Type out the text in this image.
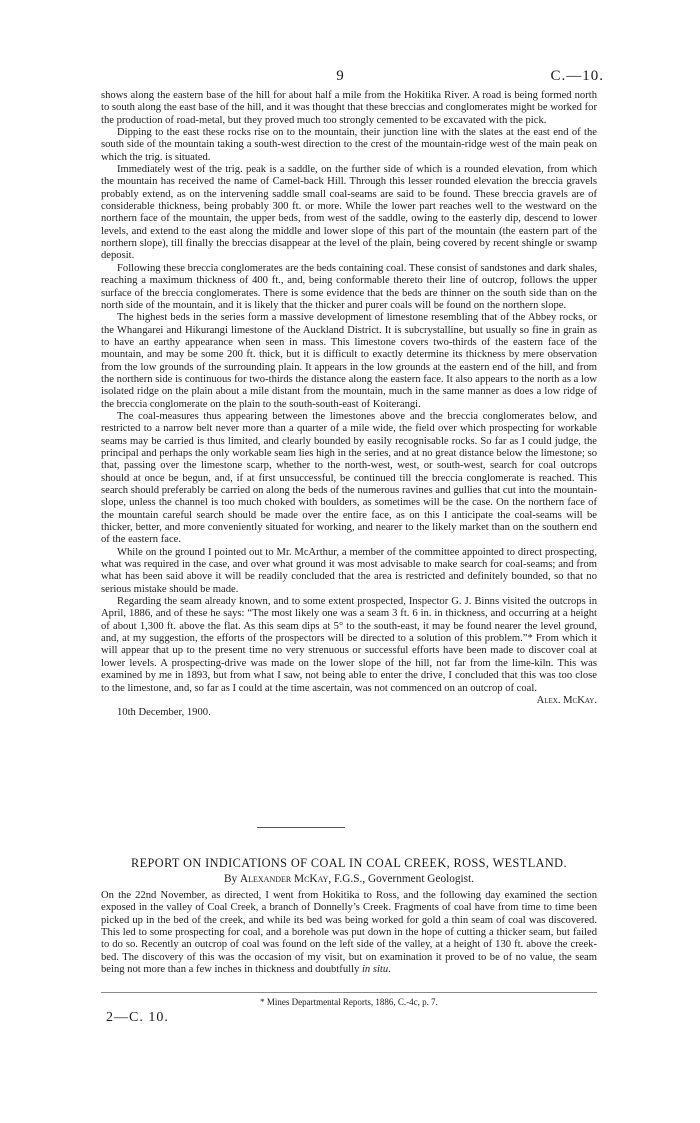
9	C.—10.

shows along the eastern base of the hill for about half a mile from the Hokitika River. A road is being formed north to south along the east base of the hill, and it was thought that these breccias and conglomerates might be worked for the production of road-metal, but they proved much too strongly cemented to be excavated with the pick.

Dipping to the east these rocks rise on to the mountain, their junction line with the slates at the east end of the south side of the mountain taking a south-west direction to the crest of the mountain-ridge west of the main peak on which the trig. is situated.

Immediately west of the trig. peak is a saddle, on the further side of which is a rounded elevation, from which the mountain has received the name of Camel-back Hill. Through this lesser rounded elevation the breccia gravels probably extend, as on the intervening saddle small coal-seams are said to be found. These breccia gravels are of considerable thickness, being probably 300 ft. or more. While the lower part reaches well to the westward on the northern face of the mountain, the upper beds, from west of the saddle, owing to the easterly dip, descend to lower levels, and extend to the east along the middle and lower slope of this part of the mountain (the eastern part of the northern slope), till finally the breccias disappear at the level of the plain, being covered by recent shingle or swamp deposit.

Following these breccia conglomerates are the beds containing coal. These consist of sandstones and dark shales, reaching a maximum thickness of 400 ft., and, being conformable thereto their line of outcrop, follows the upper surface of the breccia conglomerates. There is some evidence that the beds are thinner on the south side than on the north side of the mountain, and it is likely that the thicker and purer coals will be found on the northern slope.

The highest beds in the series form a massive development of limestone resembling that of the Abbey rocks, or the Whangarei and Hikurangi limestone of the Auckland District. It is subcrystalline, but usually so fine in grain as to have an earthy appearance when seen in mass. This limestone covers two-thirds of the eastern face of the mountain, and may be some 200 ft. thick, but it is difficult to exactly determine its thickness by mere observation from the low grounds of the surrounding plain. It appears in the low grounds at the eastern end of the hill, and from the northern side is continuous for two-thirds the distance along the eastern face. It also appears to the north as a low isolated ridge on the plain about a mile distant from the mountain, much in the same manner as does a low ridge of the breccia conglomerate on the plain to the south-south-east of Koiterangi.

The coal-measures thus appearing between the limestones above and the breccia conglomerates below, and restricted to a narrow belt never more than a quarter of a mile wide, the field over which prospecting for workable seams may be carried is thus limited, and clearly bounded by easily recognisable rocks. So far as I could judge, the principal and perhaps the only workable seam lies high in the series, and at no great distance below the limestone; so that, passing over the limestone scarp, whether to the north-west, west, or south-west, search for coal outcrops should at once be begun, and, if at first unsuccessful, be continued till the breccia conglomerate is reached. This search should preferably be carried on along the beds of the numerous ravines and gullies that cut into the mountain-slope, unless the channel is too much choked with boulders, as sometimes will be the case. On the northern face of the mountain careful search should be made over the entire face, as on this I anticipate the coal-seams will be thicker, better, and more conveniently situated for working, and nearer to the likely market than on the southern end of the eastern face.

While on the ground I pointed out to Mr. McArthur, a member of the committee appointed to direct prospecting, what was required in the case, and over what ground it was most advisable to make search for coal-seams; and from what has been said above it will be readily concluded that the area is restricted and definitely bounded, so that no serious mistake should be made.

Regarding the seam already known, and to some extent prospected, Inspector G. J. Binns visited the outcrops in April, 1886, and of these he says: “The most likely one was a seam 3 ft. 6 in. in thickness, and occurring at a height of about 1,300 ft. above the flat. As this seam dips at 5° to the south-east, it may be found nearer the level ground, and, at my suggestion, the efforts of the prospectors will be directed to a solution of this problem.”* From which it will appear that up to the present time no very strenuous or successful efforts have been made to discover coal at lower levels. A prospecting-drive was made on the lower slope of the hill, not far from the lime-kiln. This was examined by me in 1893, but from what I saw, not being able to enter the drive, I concluded that this was too close to the limestone, and, so far as I could at the time ascertain, was not commenced on an outcrop of coal.

Alex. McKay.

10th December, 1900.

REPORT ON INDICATIONS OF COAL IN COAL CREEK, ROSS, WESTLAND.
By Alexander McKay, F.G.S., Government Geologist.

On the 22nd November, as directed, I went from Hokitika to Ross, and the following day examined the section exposed in the valley of Coal Creek, a branch of Donnelly’s Creek. Fragments of coal have from time to time been picked up in the bed of the creek, and while its bed was being worked for gold a thin seam of coal was discovered. This led to some prospecting for coal, and a borehole was put down in the hope of cutting a thicker seam, but failed to do so. Recently an outcrop of coal was found on the left side of the valley, at a height of 130 ft. above the creek-bed. The discovery of this was the occasion of my visit, but on examination it proved to be of no value, the seam being not more than a few inches in thickness and doubtfully in situ.

* Mines Departmental Reports, 1886, C.-4c, p. 7.
2—C. 10.
